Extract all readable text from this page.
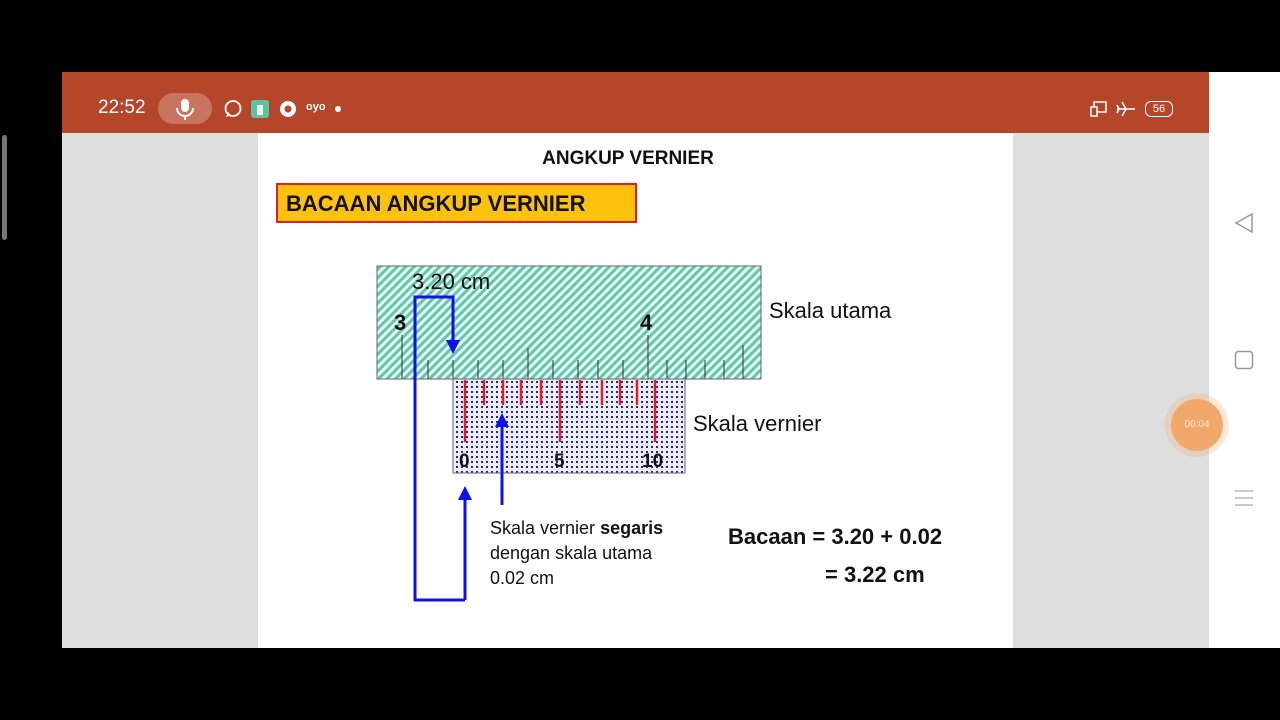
22:52	oyo	56
00:04
ANGKUP VERNIER
BACAAN ANGKUP VERNIER
3.20 cm
3	4	Skala utama
0	5	10
Skala vernier
Skala vernier segaris
dengan skala utama
0.02 cm
Bacaan = 3.20 + 0.02
= 3.22 cm
